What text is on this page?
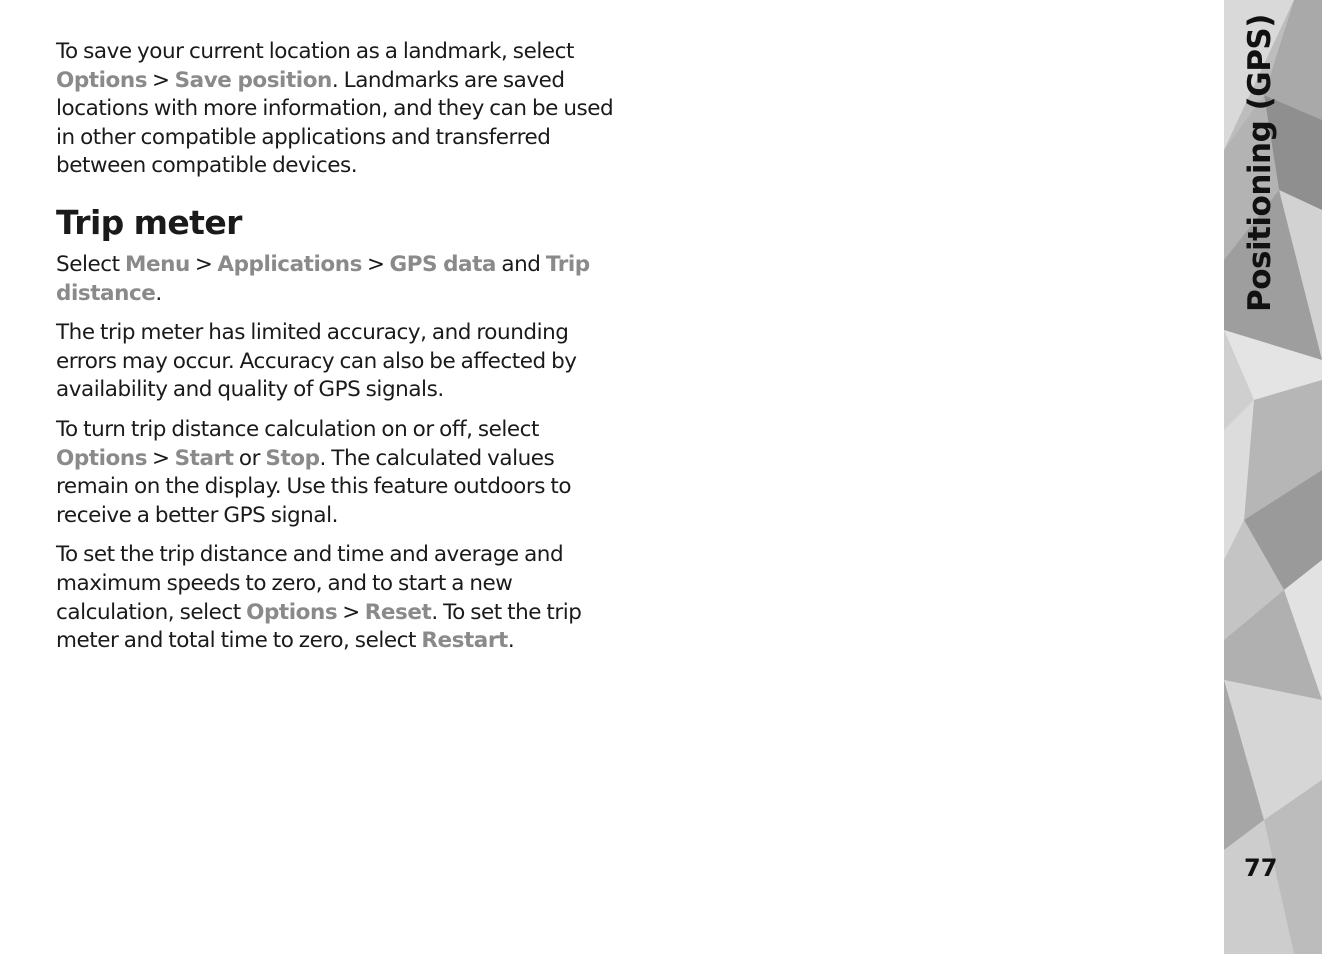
To save your current location as a landmark, select Options > Save position. Landmarks are saved locations with more information, and they can be used in other compatible applications and transferred between compatible devices.

Trip meter

Select Menu > Applications > GPS data and Trip distance.

The trip meter has limited accuracy, and rounding errors may occur. Accuracy can also be affected by availability and quality of GPS signals.

To turn trip distance calculation on or off, select Options > Start or Stop. The calculated values remain on the display. Use this feature outdoors to receive a better GPS signal.

To set the trip distance and time and average and maximum speeds to zero, and to start a new calculation, select Options > Reset. To set the trip meter and total time to zero, select Restart.

Positioning (GPS)
77
